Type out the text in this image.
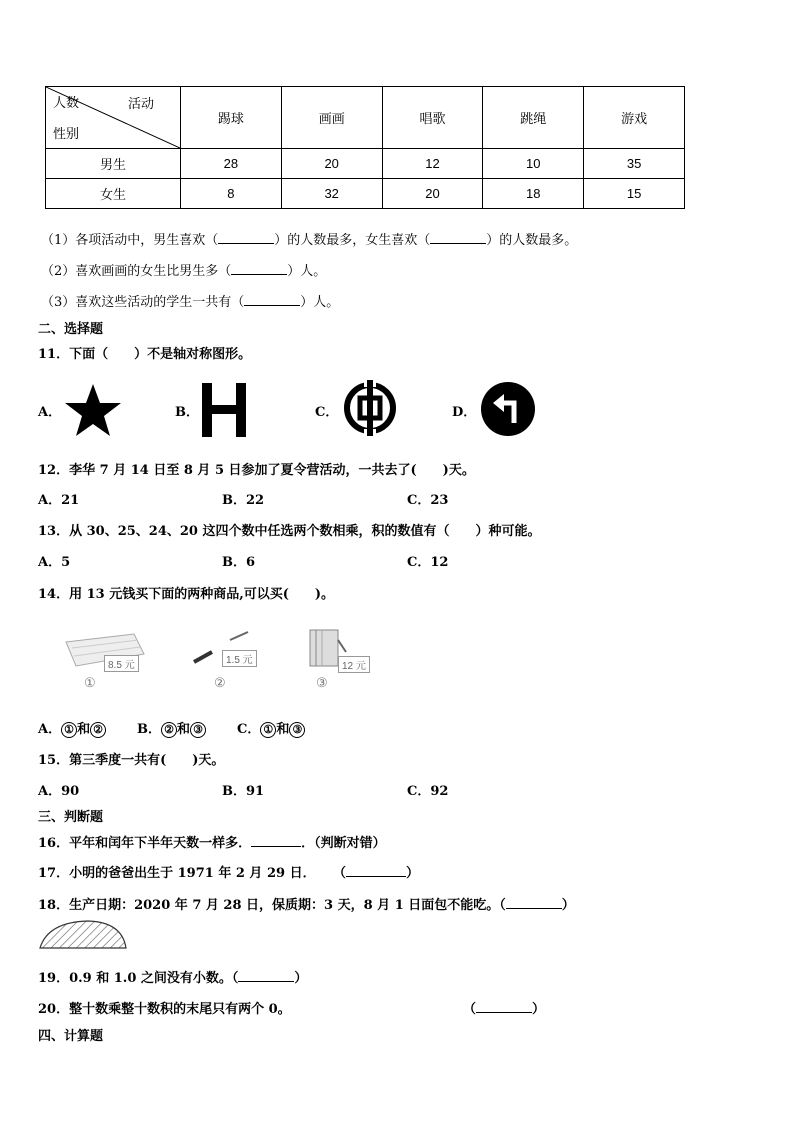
人数 活动
性别	踢球	画画	唱歌	跳绳	游戏
男生	28	20	12	10	35
女生	8	32	20	18	15
（1）各项活动中，男生喜欢（	）的人数最多，女生喜欢（	）的人数最多。
（2）喜欢画画的女生比男生多（	）人。
（3）喜欢这些活动的学生一共有（	）人。
二、选择题
11．下面（　　）不是轴对称图形。
A．	B．	C．	D．
12．李华 7 月 14 日至 8 月 5 日参加了夏令营活动，一共去了(　　)天。
A．21	B．22	C．23
13．从 30、25、24、20 这四个数中任选两个数相乘，积的数值有（　　）种可能。
A．5	B．6	C．12
14．用 13 元钱买下面的两种商品,可以买(　　)。
8.5 元
①
1.5 元
②
12 元
③
A． ① 和 ②	B． ② 和 ③	C． ① 和 ③
15．第三季度一共有(　　)天。
A．90	B．91	C．92
三、判断题
16．平年和闰年下半年天数一样多．	．（判断对错）
17．小明的爸爸出生于 1971 年 2 月 29 日． （	）
18．生产日期：2020 年 7 月 28 日，保质期：3 天，8 月 1 日面包不能吃。（	）
19．0.9 和 1.0 之间没有小数。（	）
20．整十数乘整十数积的末尾只有两个 0。	（	）
四、计算题
